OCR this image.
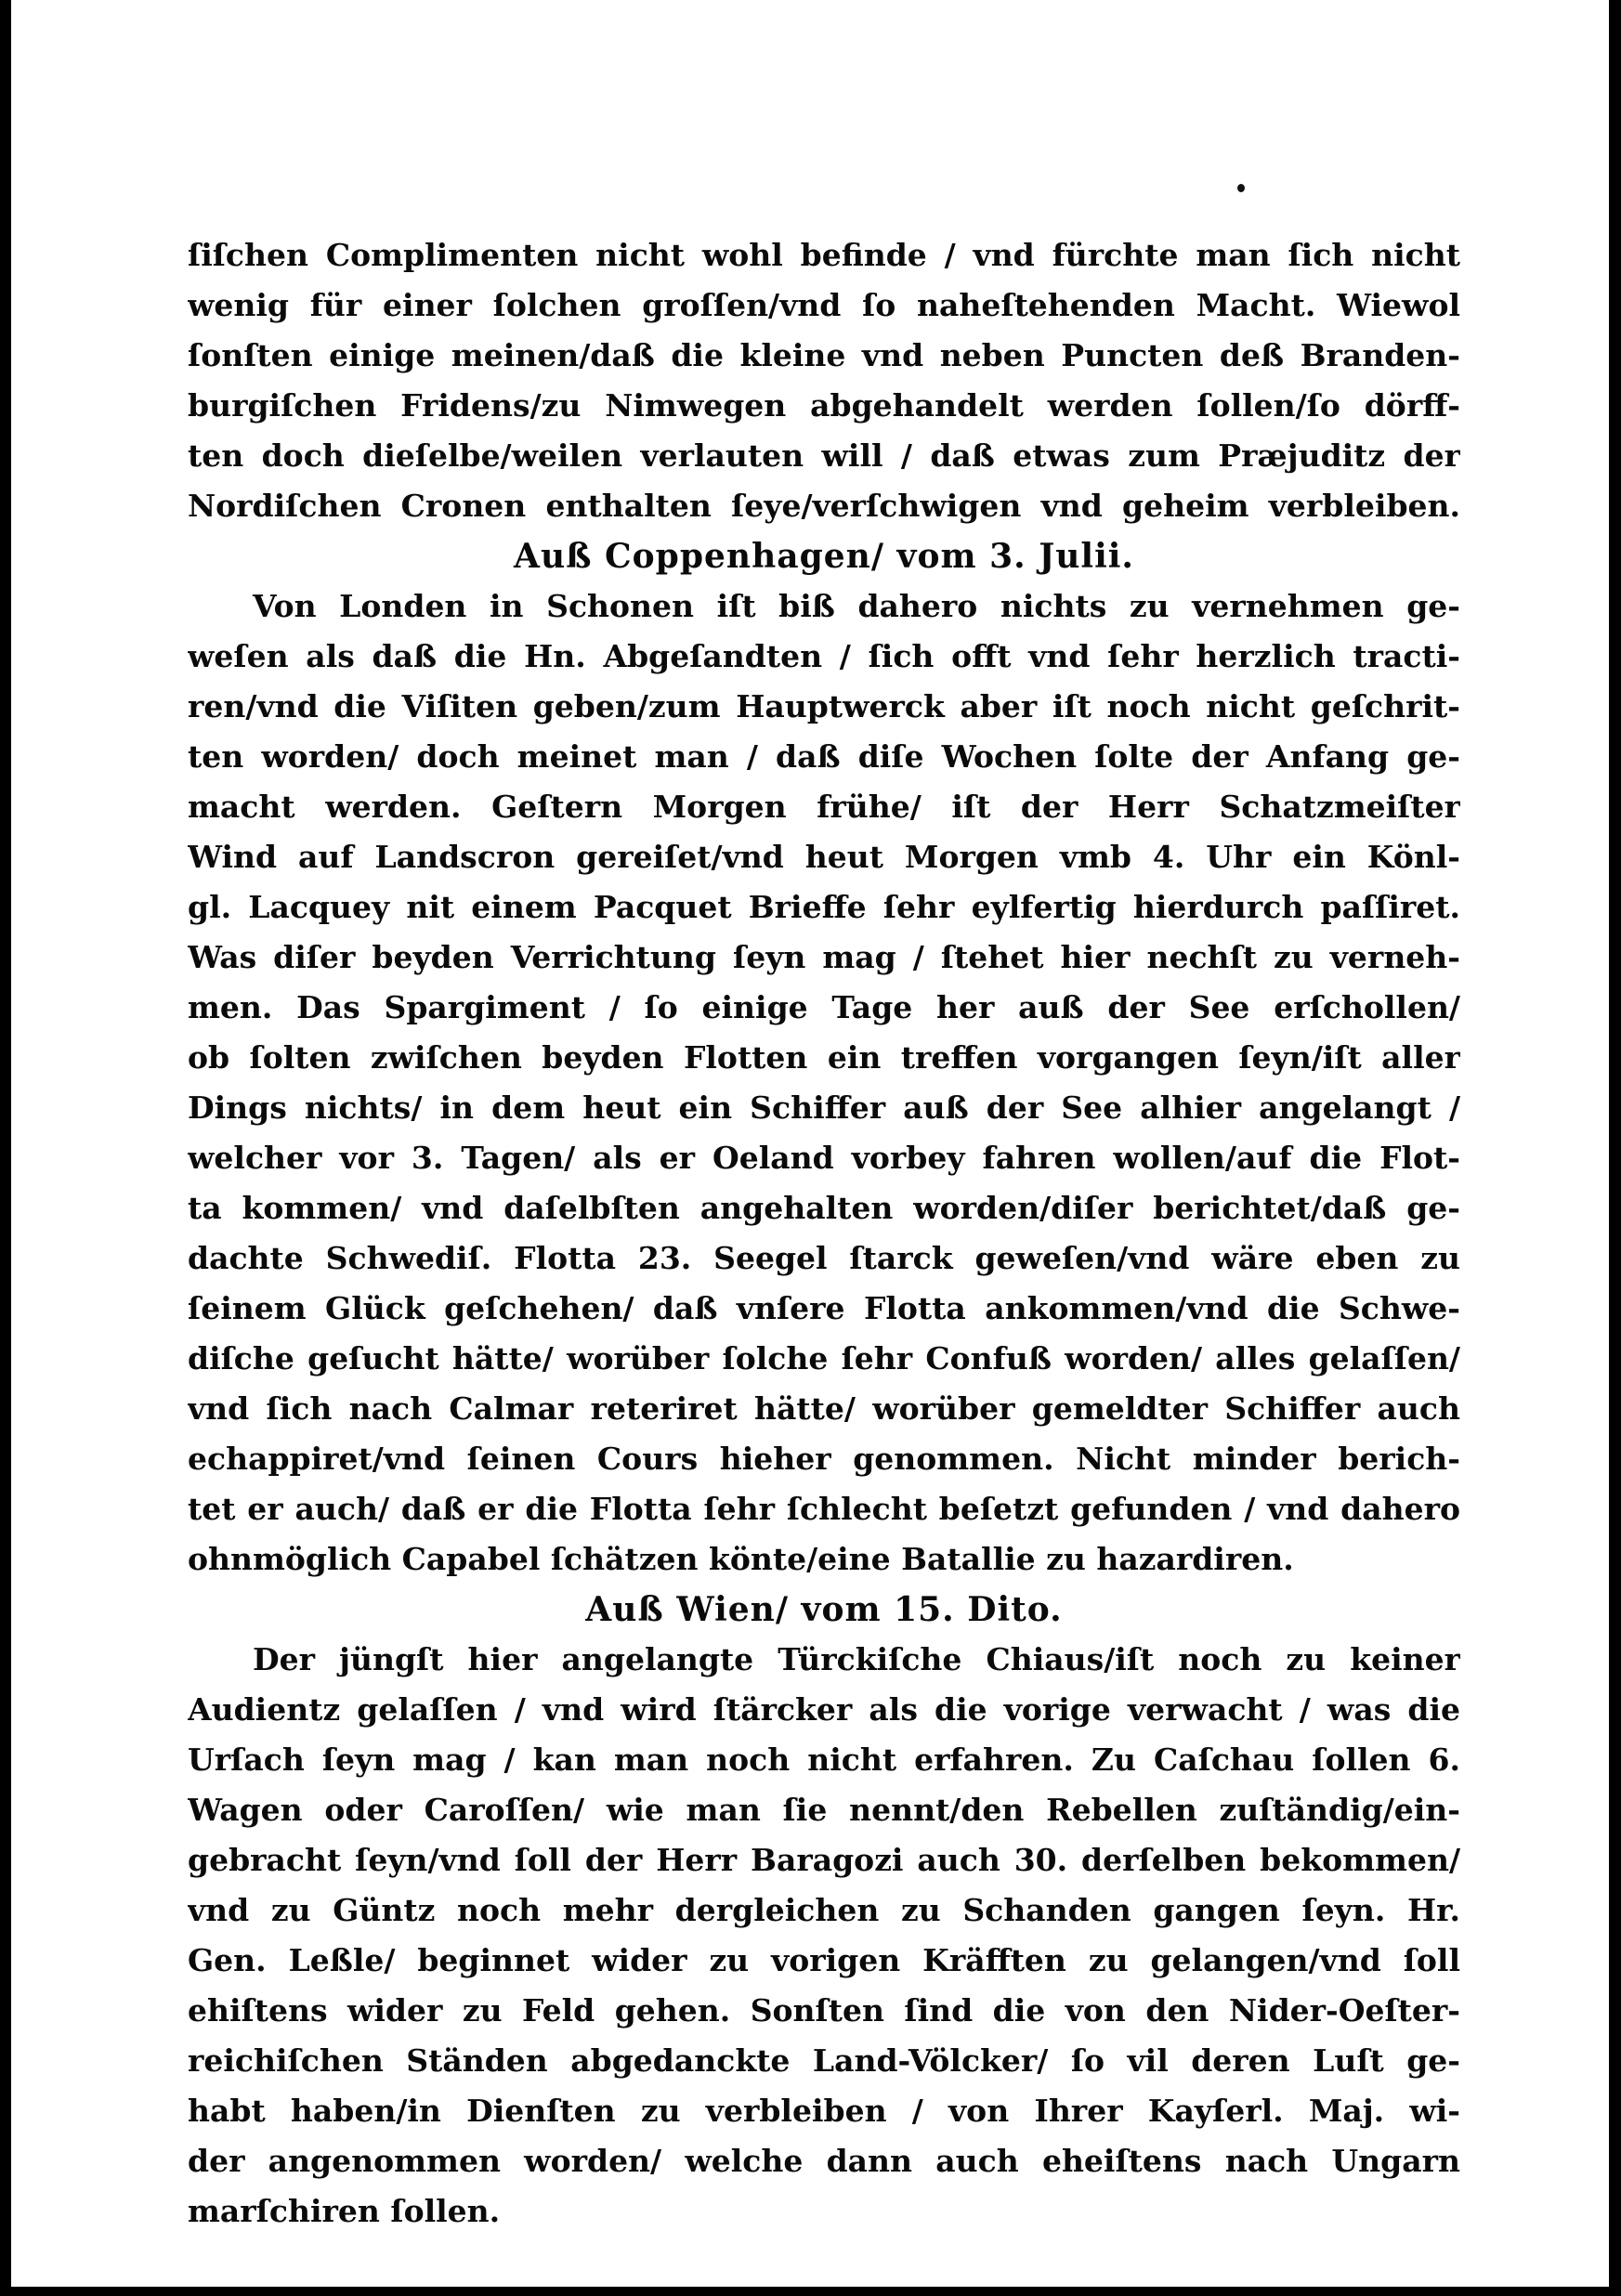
ſiſchen Complimenten nicht wohl befinde / vnd fürchte man ſich nicht
wenig für einer ſolchen groſſen/vnd ſo naheſtehenden Macht. Wiewol
ſonſten einige meinen/daß die kleine vnd neben Puncten deß Branden-
burgiſchen Fridens/zu Nimwegen abgehandelt werden ſollen/ſo dörff-
ten doch dieſelbe/weilen verlauten will / daß etwas zum Præjuditz der
Nordiſchen Cronen enthalten ſeye/verſchwigen vnd geheim verbleiben.
Auß Coppenhagen/ vom 3. Julii.
Von Londen in Schonen iſt biß dahero nichts zu vernehmen ge-
weſen als daß die Hn. Abgeſandten / ſich offt vnd ſehr herzlich tracti-
ren/vnd die Viſiten geben/zum Hauptwerck aber iſt noch nicht geſchrit-
ten worden/ doch meinet man / daß diſe Wochen ſolte der Anfang ge-
macht werden. Geſtern Morgen frühe/ iſt der Herr Schatzmeiſter
Wind auf Landscron gereiſet/vnd heut Morgen vmb 4. Uhr ein Könl-
gl. Lacquey nit einem Pacquet Brieffe ſehr eylfertig hierdurch paſſiret.
Was diſer beyden Verrichtung ſeyn mag / ſtehet hier nechſt zu verneh-
men. Das Spargiment / ſo einige Tage her auß der See erſchollen/
ob ſolten zwiſchen beyden Flotten ein treffen vorgangen ſeyn/iſt aller
Dings nichts/ in dem heut ein Schiffer auß der See alhier angelangt /
welcher vor 3. Tagen/ als er Oeland vorbey fahren wollen/auf die Flot-
ta kommen/ vnd daſelbſten angehalten worden/diſer berichtet/daß ge-
dachte Schwediſ. Flotta 23. Seegel ſtarck geweſen/vnd wäre eben zu
ſeinem Glück geſchehen/ daß vnſere Flotta ankommen/vnd die Schwe-
diſche geſucht hätte/ worüber ſolche ſehr Confuß worden/ alles gelaſſen/
vnd ſich nach Calmar reteriret hätte/ worüber gemeldter Schiffer auch
echappiret/vnd ſeinen Cours hieher genommen. Nicht minder berich-
tet er auch/ daß er die Flotta ſehr ſchlecht beſetzt gefunden / vnd dahero
ohnmöglich Capabel ſchätzen könte/eine Batallie zu hazardiren.
Auß Wien/ vom 15. Dito.
Der jüngſt hier angelangte Türckiſche Chiaus/iſt noch zu keiner
Audientz gelaſſen / vnd wird ſtärcker als die vorige verwacht / was die
Urſach ſeyn mag / kan man noch nicht erfahren. Zu Caſchau ſollen 6.
Wagen oder Caroſſen/ wie man ſie nennt/den Rebellen zuſtändig/ein-
gebracht ſeyn/vnd ſoll der Herr Baragozi auch 30. derſelben bekommen/
vnd zu Güntz noch mehr dergleichen zu Schanden gangen ſeyn. Hr.
Gen. Leßle/ beginnet wider zu vorigen Kräfften zu gelangen/vnd ſoll
ehiſtens wider zu Feld gehen. Sonſten ſind die von den Nider-Oeſter-
reichiſchen Ständen abgedanckte Land-Völcker/ ſo vil deren Luſt ge-
habt haben/in Dienſten zu verbleiben / von Ihrer Kayſerl. Maj. wi-
der angenommen worden/ welche dann auch eheiſtens nach Ungarn
marſchiren ſollen.
